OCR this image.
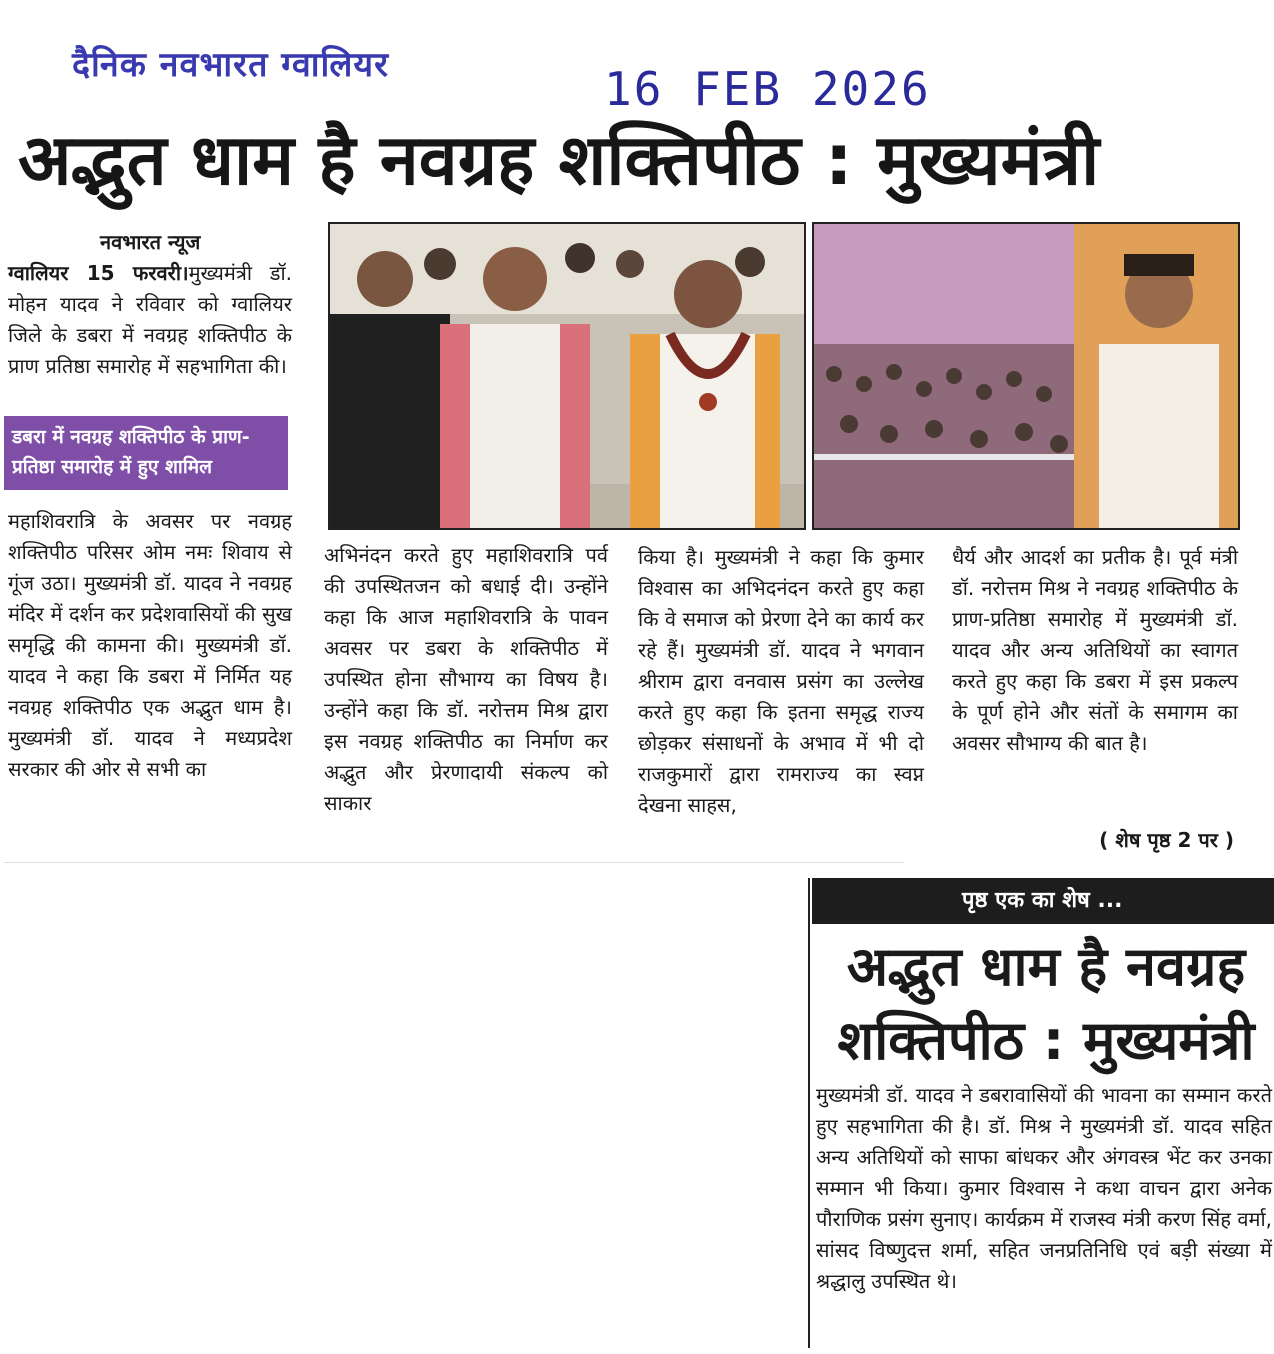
दैनिक नवभारत ग्वालियर	16 FEB 2026
अद्भुत धाम है नवग्रह शक्तिपीठ : मुख्यमंत्री
नवभारत न्यूज

ग्वालियर 15 फरवरी।मुख्यमंत्री डॉ. मोहन यादव ने रविवार को ग्वालियर जिले के डबरा में नवग्रह शक्तिपीठ के प्राण प्रतिष्ठा समारोह में सहभागिता की।

डबरा में नवग्रह शक्तिपीठ के प्राण-प्रतिष्ठा समारोह में हुए शामिल

महाशिवरात्रि के अवसर पर नवग्रह शक्तिपीठ परिसर ओम नमः शिवाय से गूंज उठा। मुख्यमंत्री डॉ. यादव ने नवग्रह मंदिर में दर्शन कर प्रदेशवासियों की सुख समृद्धि की कामना की। मुख्यमंत्री डॉ. यादव ने कहा कि डबरा में निर्मित यह नवग्रह शक्तिपीठ एक अद्भुत धाम है। मुख्यमंत्री डॉ. यादव ने मध्यप्रदेश सरकार की ओर से सभी का

अभिनंदन करते हुए महाशिवरात्रि पर्व की उपस्थितजन को बधाई दी। उन्होंने कहा कि आज महाशिवरात्रि के पावन अवसर पर डबरा के शक्तिपीठ में उपस्थित होना सौभाग्य का विषय है। उन्होंने कहा कि डॉ. नरोत्तम मिश्र द्वारा इस नवग्रह शक्तिपीठ का निर्माण कर अद्भुत और प्रेरणादायी संकल्प को साकार

किया है। मुख्यमंत्री ने कहा कि कुमार विश्वास का अभिदनंदन करते हुए कहा कि वे समाज को प्रेरणा देने का कार्य कर रहे हैं। मुख्यमंत्री डॉ. यादव ने भगवान श्रीराम द्वारा वनवास प्रसंग का उल्लेख करते हुए कहा कि इतना समृद्ध राज्य छोड़कर संसाधनों के अभाव में भी दो राजकुमारों द्वारा रामराज्य का स्वप्न देखना साहस,

धैर्य और आदर्श का प्रतीक है। पूर्व मंत्री डॉ. नरोत्तम मिश्र ने नवग्रह शक्तिपीठ के प्राण-प्रतिष्ठा समारोह में मुख्यमंत्री डॉ. यादव और अन्य अतिथियों का स्वागत करते हुए कहा कि डबरा में इस प्रकल्प के पूर्ण होने और संतों के समागम का अवसर सौभाग्य की बात है।

( शेष पृष्ठ 2 पर )
पृष्ठ एक का शेष ...
अद्भुत धाम है नवग्रह शक्तिपीठ : मुख्यमंत्री
मुख्यमंत्री डॉ. यादव ने डबरावासियों की भावना का सम्मान करते हुए सहभागिता की है। डॉ. मिश्र ने मुख्यमंत्री डॉ. यादव सहित अन्य अतिथियों को साफा बांधकर और अंगवस्त्र भेंट कर उनका सम्मान भी किया। कुमार विश्वास ने कथा वाचन द्वारा अनेक पौराणिक प्रसंग सुनाए। कार्यक्रम में राजस्व मंत्री करण सिंह वर्मा, सांसद विष्णुदत्त शर्मा, सहित जनप्रतिनिधि एवं बड़ी संख्या में श्रद्धालु उपस्थित थे।
